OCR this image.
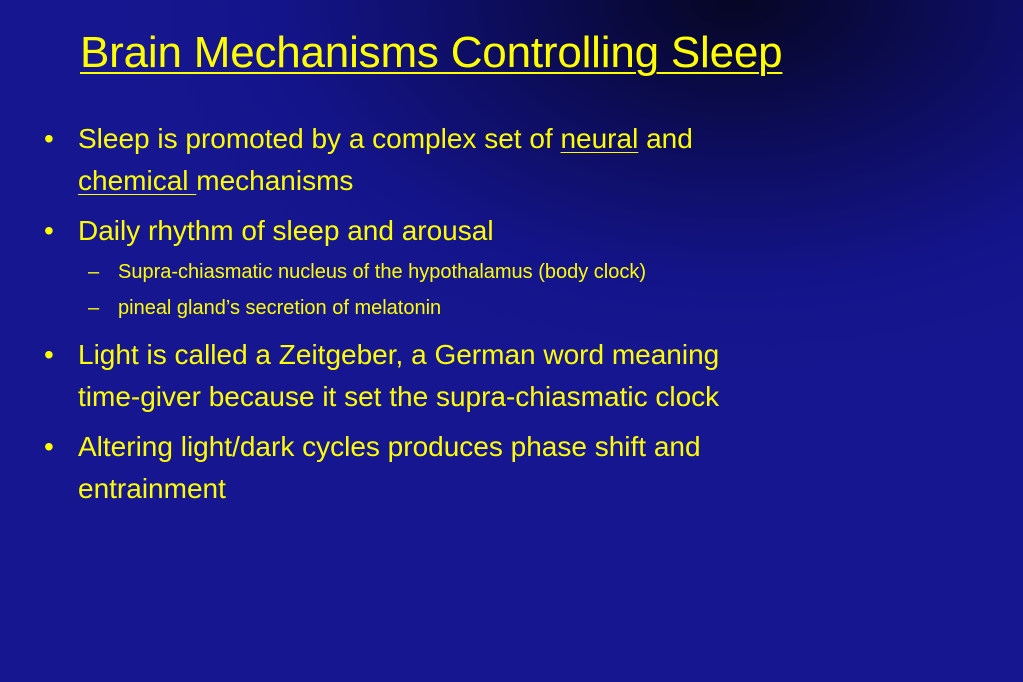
Brain Mechanisms Controlling Sleep
• Sleep is promoted by a complex set of neural and
chemical mechanisms
• Daily rhythm of sleep and arousal
– Supra-chiasmatic nucleus of the hypothalamus (body clock)
– pineal gland’s secretion of melatonin
• Light is called a Zeitgeber, a German word meaning
time-giver because it set the supra-chiasmatic clock
• Altering light/dark cycles produces phase shift and
entrainment
